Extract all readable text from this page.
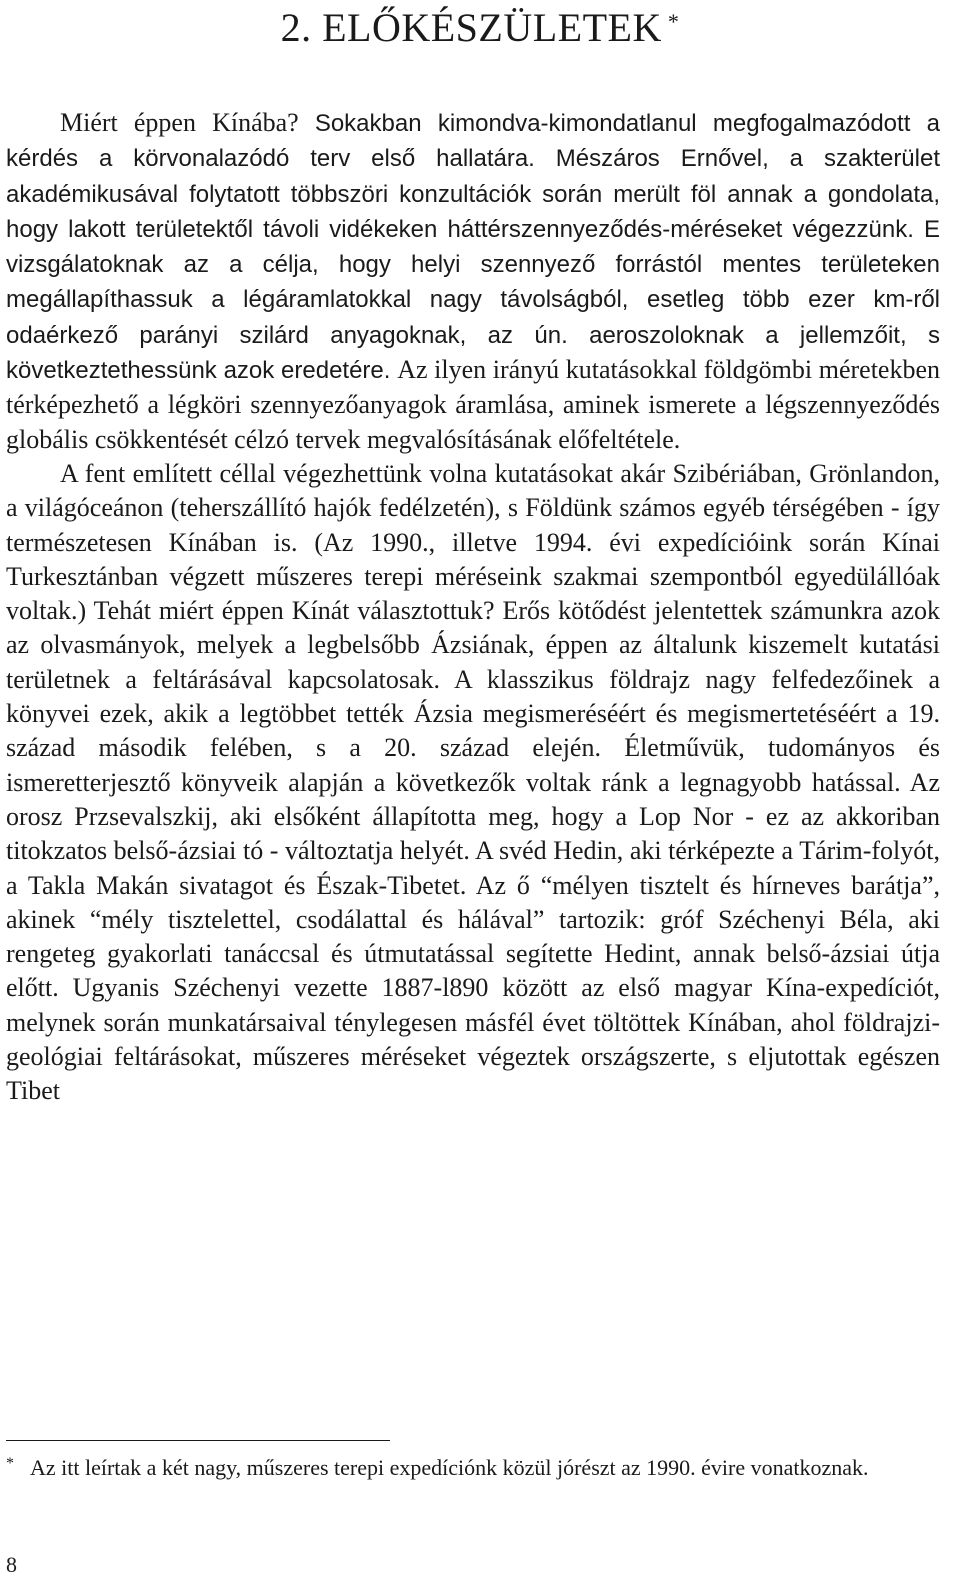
2. ELŐKÉSZÜLETEK *

Miért éppen Kínába? Sokakban kimondva-kimondatlanul megfogalmazódott a kérdés a körvonalazódó terv első hallatára. Mészáros Ernővel, a szakterület akadémikusával folytatott többszöri konzultációk során merült föl annak a gondolata, hogy lakott területektől távoli vidékeken háttérszennyeződés-méréseket végezzünk. E vizsgálatoknak az a célja, hogy helyi szennyező forrástól mentes területeken megállapíthassuk a légáramlatokkal nagy távolságból, esetleg több ezer km-ről odaérkező parányi szilárd anyagoknak, az ún. aeroszoloknak a jellemzőit, s következtethessünk azok eredetére. Az ilyen irányú kutatásokkal földgömbi méretekben térképezhető a légköri szennyezőanyagok áramlása, aminek ismerete a légszennyeződés globális csökkentését célzó tervek megvalósításának előfeltétele.

A fent említett céllal végezhettünk volna kutatásokat akár Szibériában, Grönlandon, a világóceánon (teherszállító hajók fedélzetén), s Földünk számos egyéb térségében - így természetesen Kínában is. (Az 1990., illetve 1994. évi expedícióink során Kínai Turkesztánban végzett műszeres terepi méréseink szakmai szempontból egyedülállóak voltak.) Tehát miért éppen Kínát választottuk? Erős kötődést jelentettek számunkra azok az olvasmányok, melyek a legbelsőbb Ázsiának, éppen az általunk kiszemelt kutatási területnek a feltárásával kapcsolatosak. A klasszikus földrajz nagy felfedezőinek a könyvei ezek, akik a legtöbbet tették Ázsia megismeréséért és megismertetéséért a 19. század második felében, s a 20. század elején. Életművük, tudományos és ismeretterjesztő könyveik alapján a következők voltak ránk a legnagyobb hatással. Az orosz Przsevalszkij, aki elsőként állapította meg, hogy a Lop Nor - ez az akkoriban titokzatos belső-ázsiai tó - változtatja helyét. A svéd Hedin, aki térképezte a Tárim-folyót, a Takla Makán sivatagot és Észak-Tibetet. Az ő “mélyen tisztelt és hírneves barátja”, akinek “mély tisztelettel, csodálattal és hálával” tartozik: gróf Széchenyi Béla, aki rengeteg gyakorlati tanáccsal és útmutatással segítette Hedint, annak belső-ázsiai útja előtt. Ugyanis Széchenyi vezette 1887-l890 között az első magyar Kína-expedíciót, melynek során munkatársaival ténylegesen másfél évet töltöttek Kínában, ahol földrajzi-geológiai feltárásokat, műszeres méréseket végeztek országszerte, s eljutottak egészen Tibet

* Az itt leírtak a két nagy, műszeres terepi expedíciónk közül jórészt az 1990. évire vonatkoznak.

8
